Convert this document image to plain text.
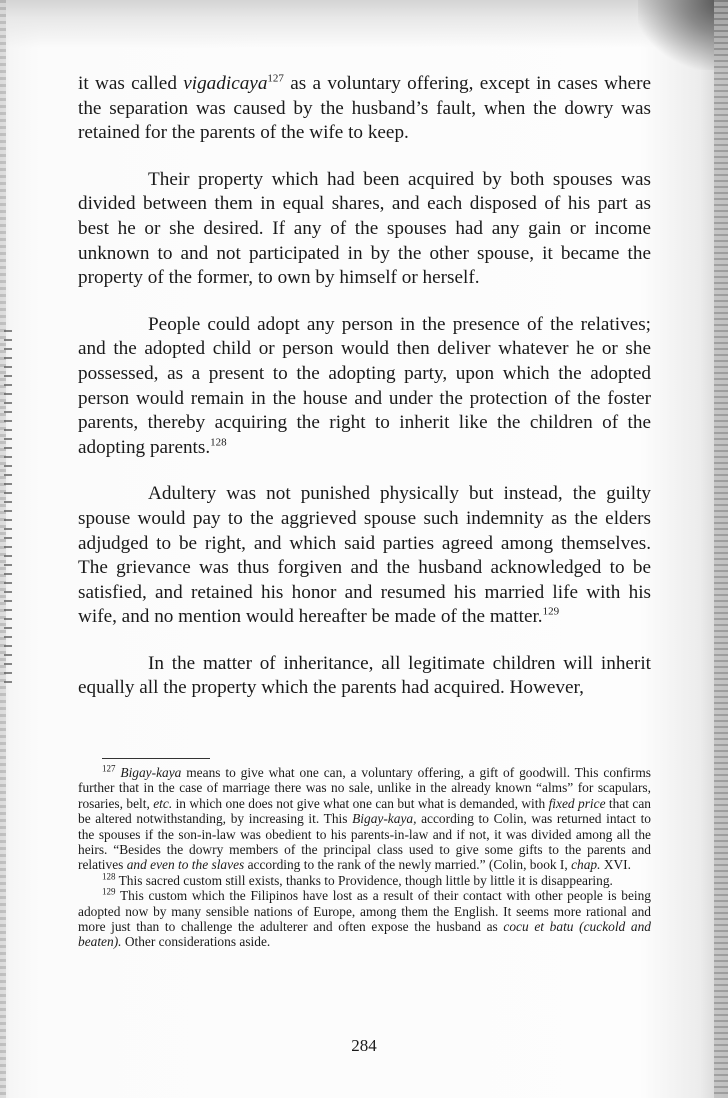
it was called vigadicaya$^{127}$ as a voluntary offering, except in cases where the separation was caused by the husband’s fault, when the dowry was retained for the parents of the wife to keep.

Their property which had been acquired by both spouses was divided between them in equal shares, and each disposed of his part as best he or she desired. If any of the spouses had any gain or income unknown to and not participated in by the other spouse, it became the property of the former, to own by himself or herself.

People could adopt any person in the presence of the relatives; and the adopted child or person would then deliver whatever he or she possessed, as a present to the adopting party, upon which the adopted person would remain in the house and under the protection of the foster parents, thereby acquiring the right to inherit like the children of the adopting parents.$^{128}$

Adultery was not punished physically but instead, the guilty spouse would pay to the aggrieved spouse such indemnity as the elders adjudged to be right, and which said parties agreed among themselves. The grievance was thus forgiven and the husband acknowledged to be satisfied, and retained his honor and resumed his married life with his wife, and no mention would hereafter be made of the matter.$^{129}$

In the matter of inheritance, all legitimate children will inherit equally all the property which the parents had acquired. However,

$^{127}$ Bigay-kaya means to give what one can, a voluntary offering, a gift of goodwill. This confirms further that in the case of marriage there was no sale, unlike in the already known “alms” for scapulars, rosaries, belt, etc. in which one does not give what one can but what is demanded, with fixed price that can be altered notwithstanding, by increasing it. This Bigay-kaya, according to Colin, was returned intact to the spouses if the son-in-law was obedient to his parents-in-law and if not, it was divided among all the heirs. “Besides the dowry members of the principal class used to give some gifts to the parents and relatives and even to the slaves according to the rank of the newly married.” (Colin, book I, chap. XVI.

$^{128}$ This sacred custom still exists, thanks to Providence, though little by little it is disappearing.

$^{129}$ This custom which the Filipinos have lost as a result of their contact with other people is being adopted now by many sensible nations of Europe, among them the English. It seems more rational and more just than to challenge the adulterer and often expose the husband as cocu et batu (cuckold and beaten). Other considerations aside.

284
